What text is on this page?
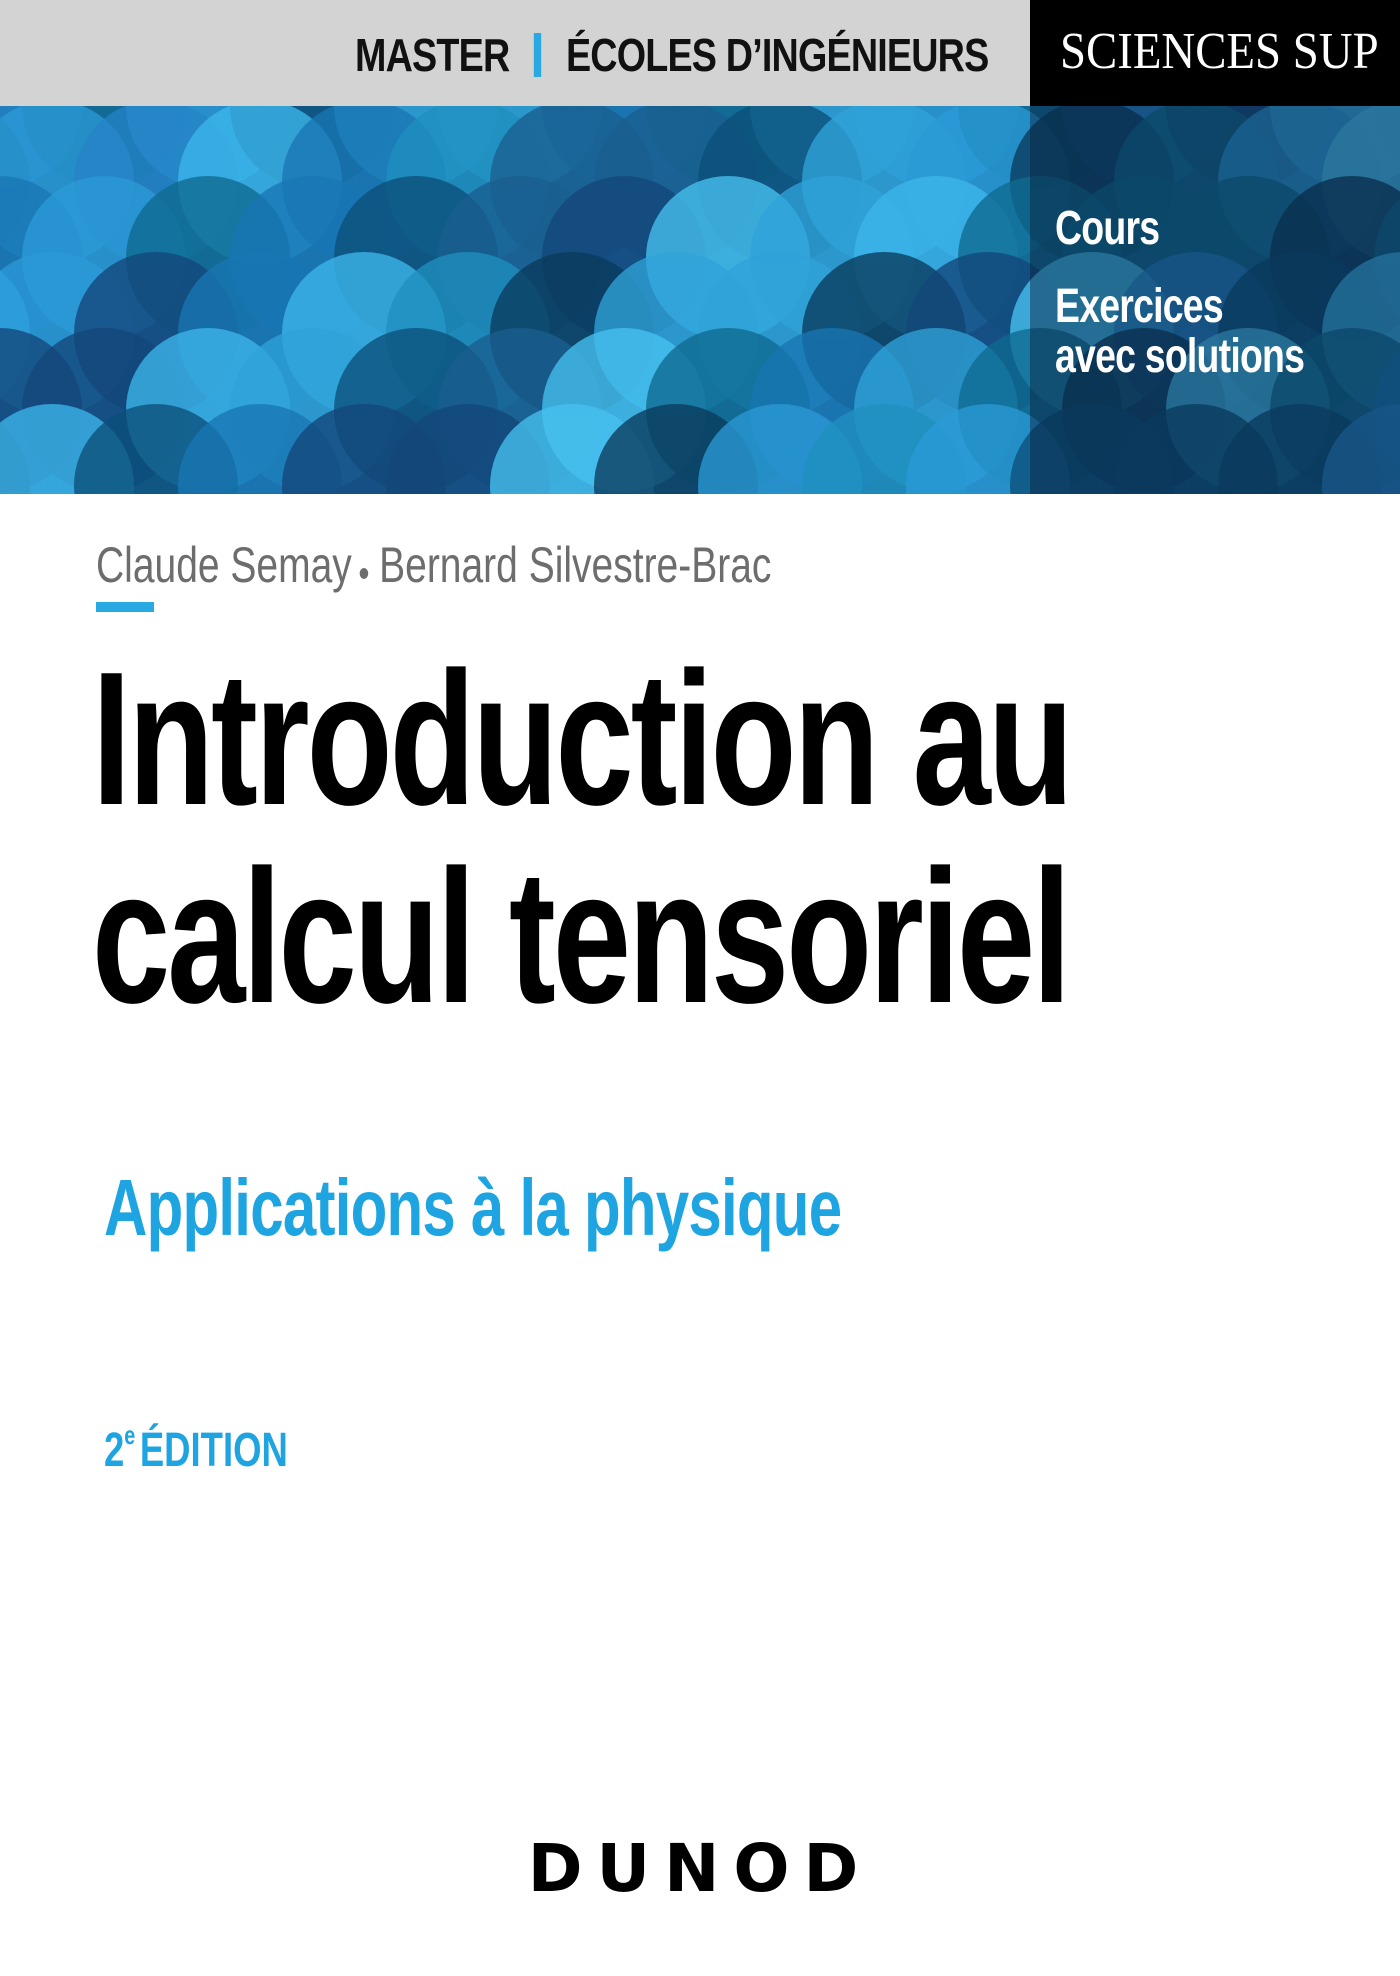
MASTER ÉCOLES D’INGÉNIEURS SCIENCES SUP
Cours
Exercices
avec solutions
Claude Semay Bernard Silvestre-Brac
Introduction au
calcul tensoriel
Applications à la physique
2eÉDITION
DUNOD
